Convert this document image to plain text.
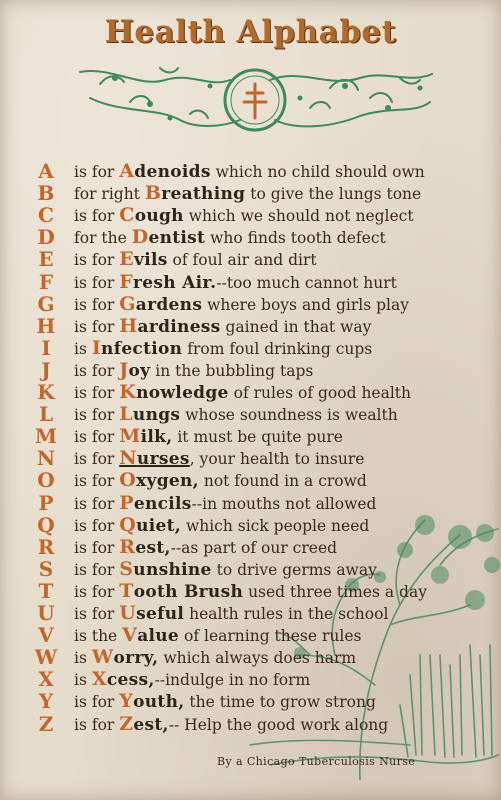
Health Alphabet
A	is for Adenoids which no child should own
B	for right Breathing to give the lungs tone
C	is for Cough which we should not neglect
D	for the Dentist who finds tooth defect
E	is for Evils of foul air and dirt
F	is for Fresh Air.--too much cannot hurt
G	is for Gardens where boys and girls play
H is for Hardiness gained in that way
I	is Infection from foul drinking cups
J	is for Joy in the bubbling taps
K	is for Knowledge of rules of good health
L	is for Lungs whose soundness is wealth
M is for Milk, it must be quite pure
N	is for Nurses, your health to insure
O	is for Oxygen, not found in a crowd
P	is for Pencils--in mouths not allowed
Q	is for Quiet, which sick people need
R	is for Rest,--as part of our creed
S	is for Sunshine to drive germs away
T	is for Tooth Brush used three times a day
U	is for Useful health rules in the school
V	is the Value of learning these rules
W is Worry, which always does harm
X	is Xcess,--indulge in no form
Y	is for Youth, the time to grow strong
Z	is for Zest,-- Help the good work along
By a Chicago Tuberculosis Nurse
